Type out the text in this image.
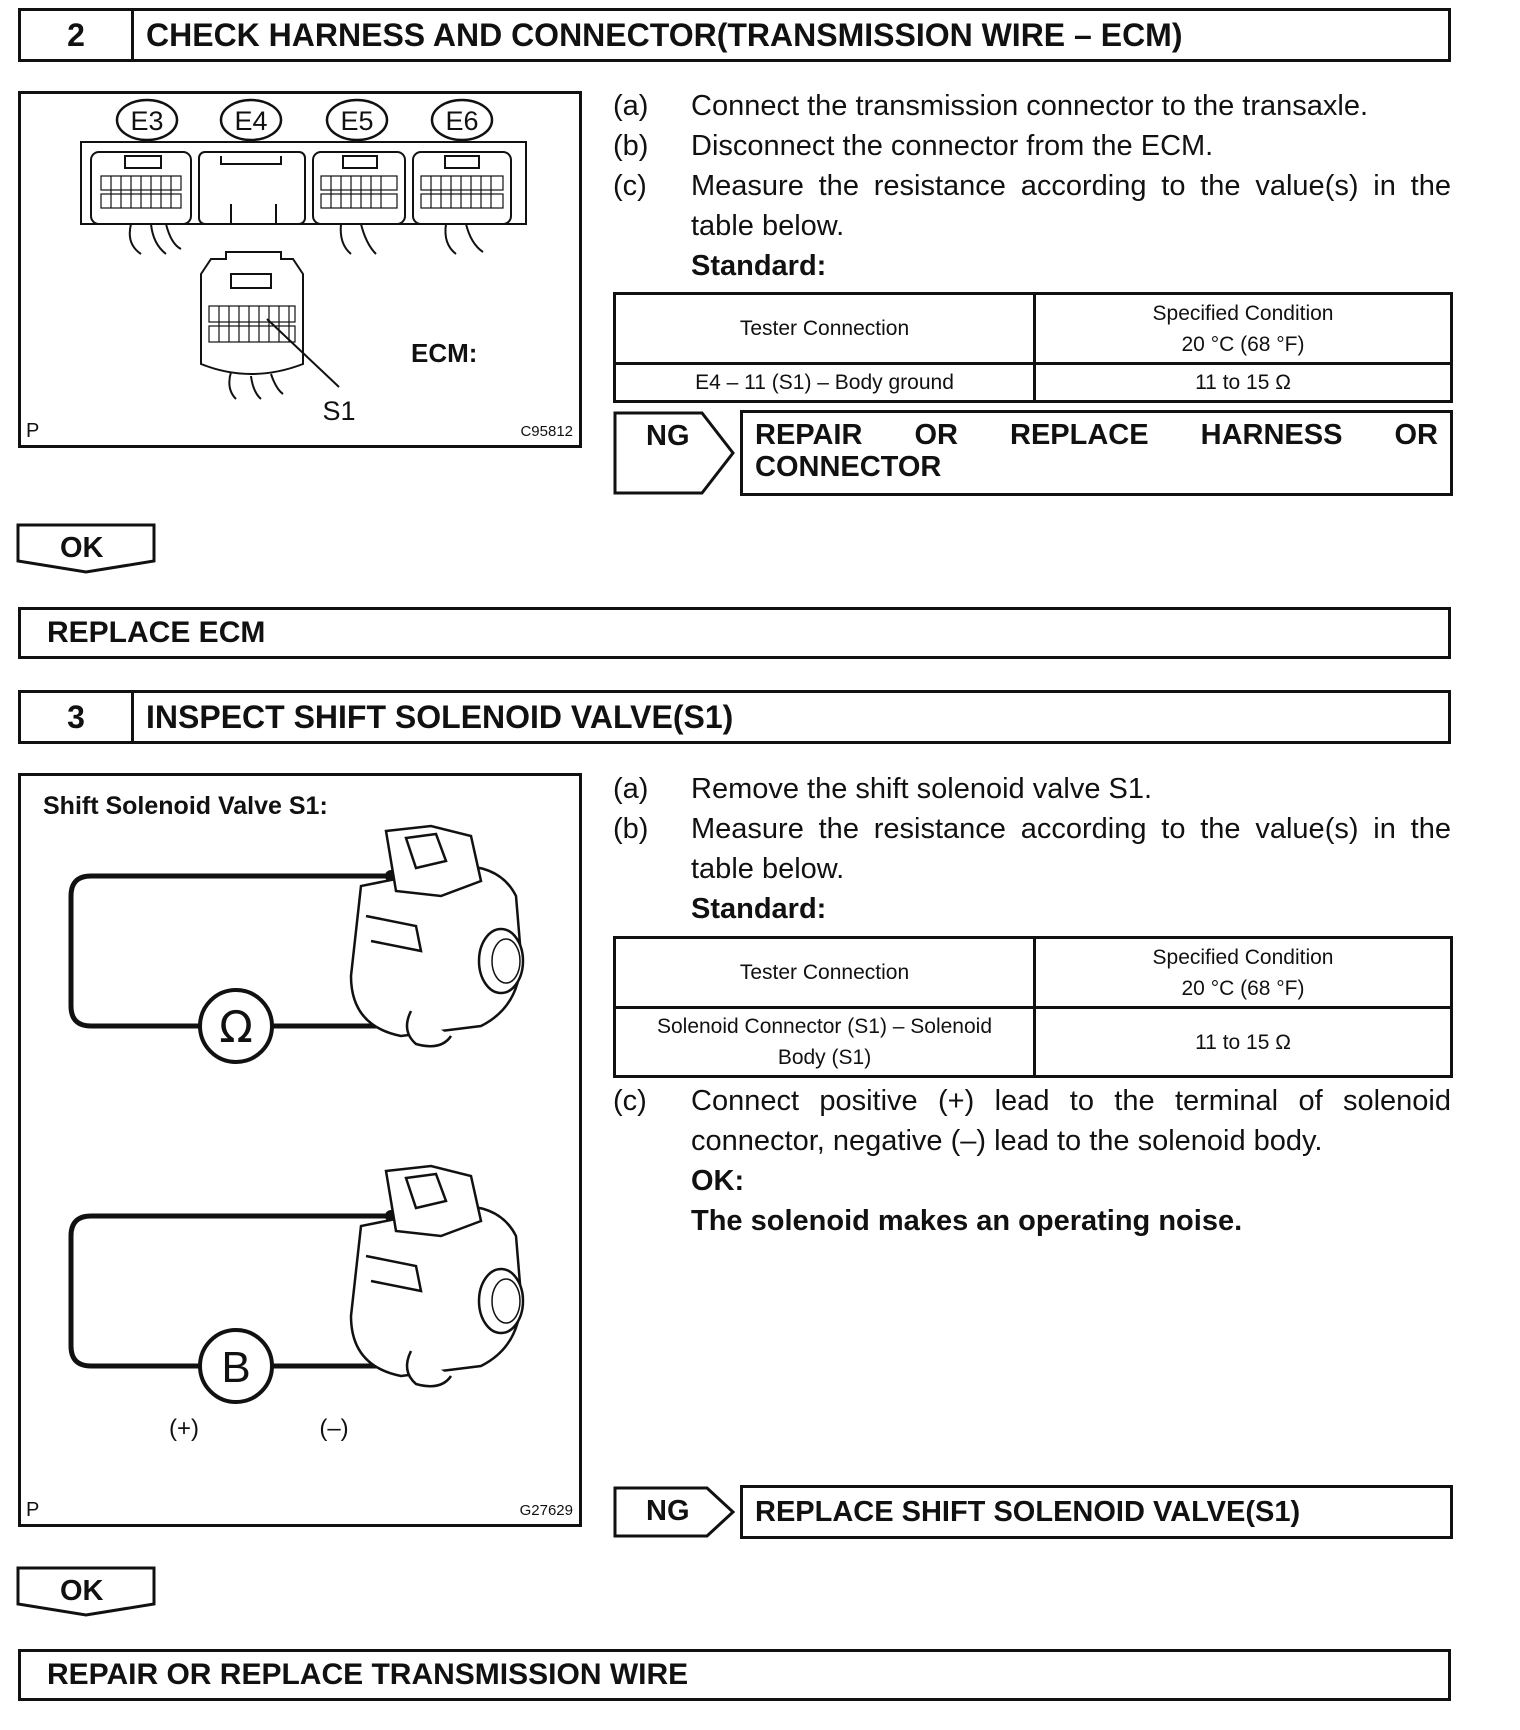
2	CHECK HARNESS AND CONNECTOR(TRANSMISSION WIRE – ECM)
E3	E4	E5	E6
S1
ECM:
P	C95812
(a)	Connect the transmission connector to the transaxle.
(b)	Disconnect the connector from the ECM.
(c)	Measure the resistance according to the value(s) in the table below.
Standard:
Tester Connection	Specified Condition
20 °C (68 °F)

E4 – 11 (S1) – Body ground	11 to 15 Ω
NG REPAIR OR REPLACE HARNESS OR
CONNECTOR
OK
REPLACE ECM
3	INSPECT SHIFT SOLENOID VALVE(S1)
Shift Solenoid Valve S1:
Ω
B
(+)	(–)
P	G27629
(a)	Remove the shift solenoid valve S1.
(b)	Measure the resistance according to the value(s) in the table below.
Standard:
Tester Connection	Specified Condition
20 °C (68 °F)

Solenoid Connector (S1) – Solenoid
Body (S1)	11 to 15 Ω
(c)	Connect positive (+) lead to the terminal of solenoid connector, negative (–) lead to the solenoid body.
OK:
The solenoid makes an operating noise.
NG	REPLACE SHIFT SOLENOID VALVE(S1)
OK
REPAIR OR REPLACE TRANSMISSION WIRE
